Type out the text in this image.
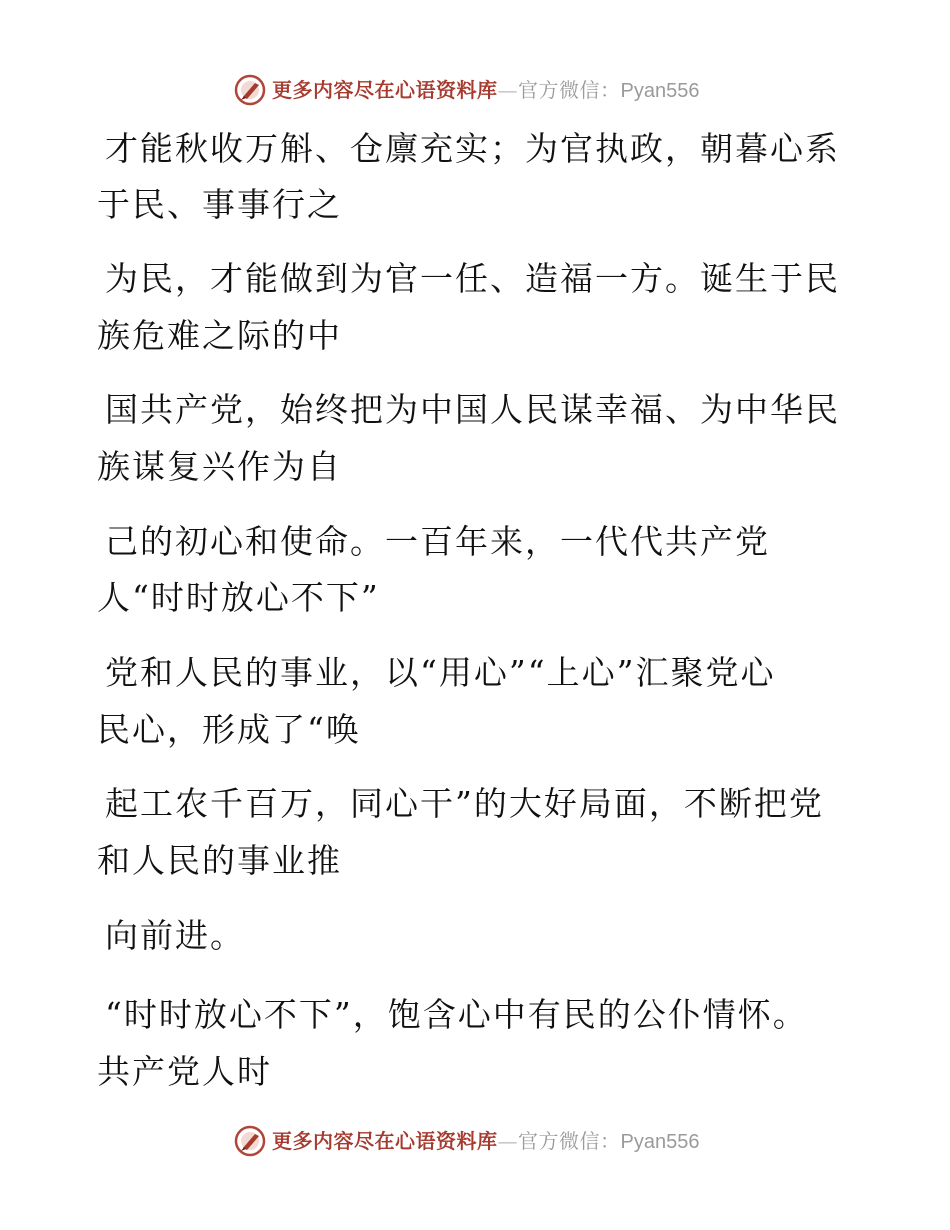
更多内容尽在心语资料库—官方微信：Pyan556
才能秋收万斛、仓廪充实；为官执政，朝暮心系
于民、事事行之
为民，才能做到为官一任、造福一方。诞生于民
族危难之际的中
国共产党，始终把为中国人民谋幸福、为中华民
族谋复兴作为自
己的初心和使命。一百年来，一代代共产党
人“时时放心不下”
党和人民的事业，以“用心”“上心”汇聚党心
民心，形成了“唤
起工农千百万，同心干”的大好局面，不断把党
和人民的事业推
向前进。
“时时放心不下”，饱含心中有民的公仆情怀。
共产党人时
更多内容尽在心语资料库—官方微信：Pyan556
